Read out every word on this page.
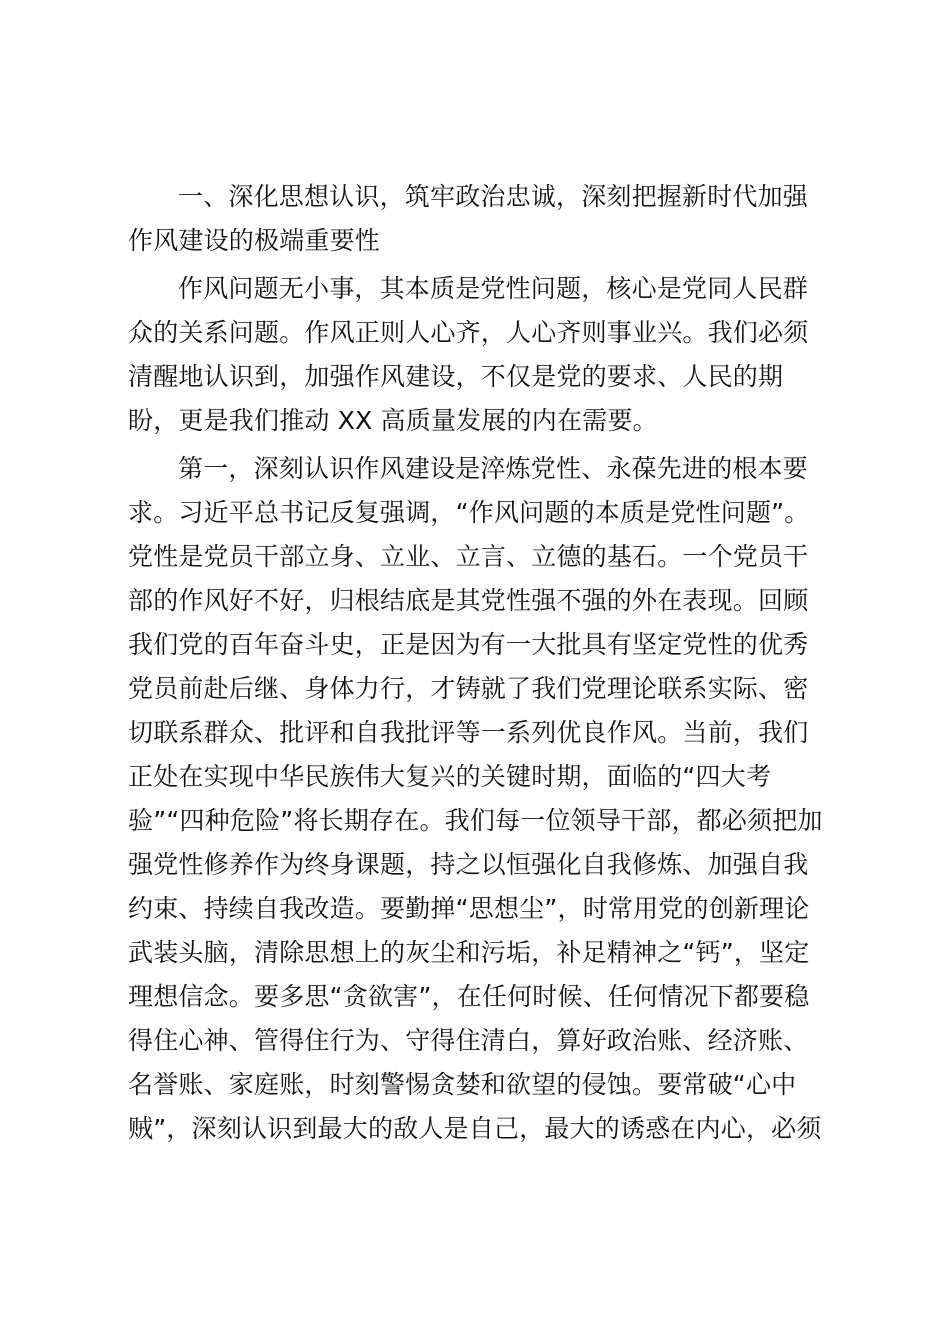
一、深化思想认识，筑牢政治忠诚，深刻把握新时代加强
作风建设的极端重要性
作风问题无小事，其本质是党性问题，核心是党同人民群
众的关系问题。作风正则人心齐，人心齐则事业兴。我们必须
清醒地认识到，加强作风建设，不仅是党的要求、人民的期
盼，更是我们推动 XX 高质量发展的内在需要。
第一，深刻认识作风建设是淬炼党性、永葆先进的根本要
求。习近平总书记反复强调，“作风问题的本质是党性问题”。
党性是党员干部立身、立业、立言、立德的基石。一个党员干
部的作风好不好，归根结底是其党性强不强的外在表现。回顾
我们党的百年奋斗史，正是因为有一大批具有坚定党性的优秀
党员前赴后继、身体力行，才铸就了我们党理论联系实际、密
切联系群众、批评和自我批评等一系列优良作风。当前，我们
正处在实现中华民族伟大复兴的关键时期，面临的“四大考
验”“四种危险”将长期存在。我们每一位领导干部，都必须把加
强党性修养作为终身课题，持之以恒强化自我修炼、加强自我
约束、持续自我改造。要勤掸“思想尘”，时常用党的创新理论
武装头脑，清除思想上的灰尘和污垢，补足精神之“钙”，坚定
理想信念。要多思“贪欲害”，在任何时候、任何情况下都要稳
得住心神、管得住行为、守得住清白，算好政治账、经济账、
名誉账、家庭账，时刻警惕贪婪和欲望的侵蚀。要常破“心中
贼”，深刻认识到最大的敌人是自己，最大的诱惑在内心，必须
